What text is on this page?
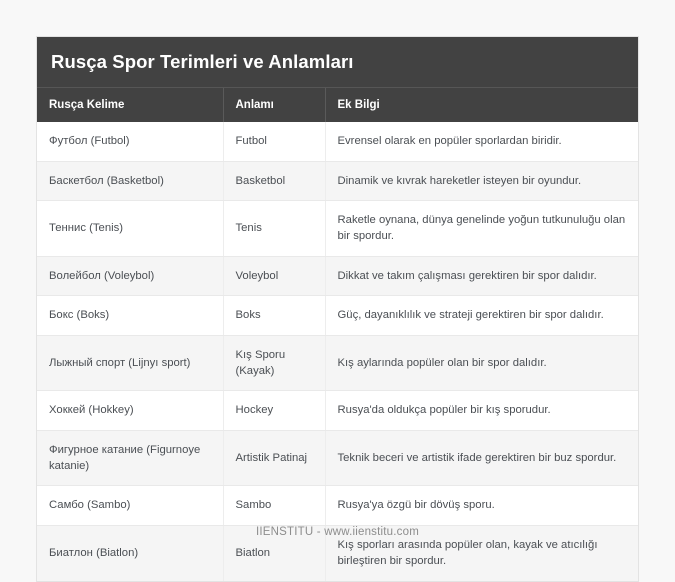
Rusça Spor Terimleri ve Anlamları
Rusça Kelime	Anlamı	Ek Bilgi
Футбол (Futbol)	Futbol	Evrensel olarak en popüler sporlardan biridir.
Баскетбол (Basketbol)	Basketbol	Dinamik ve kıvrak hareketler isteyen bir oyundur.
Теннис (Tenis)	Tenis	Raketle oynana, dünya genelinde yoğun tutkunuluğu olan bir spordur.
Волейбол (Voleybol)	Voleybol	Dikkat ve takım çalışması gerektiren bir spor dalıdır.
Бокс (Boks)	Boks	Güç, dayanıklılık ve strateji gerektiren bir spor dalıdır.
Лыжный спорт (Lijnyı sport)	Kış Sporu (Kayak)	Kış aylarında popüler olan bir spor dalıdır.
Хоккей (Hokkey)	Hockey	Rusya'da oldukça popüler bir kış sporudur.
Фигурное катание (Figurnoye katanie)	Artistik Patinaj	Teknik beceri ve artistik ifade gerektiren bir buz spordur.
Самбо (Sambo)	Sambo	Rusya'ya özgü bir dövüş sporu.
Биатлон (Biatlon)	Biatlon	Kış sporları arasında popüler olan, kayak ve atıcılığı birleştiren bir spordur.
IIENSTITU - www.iienstitu.com
